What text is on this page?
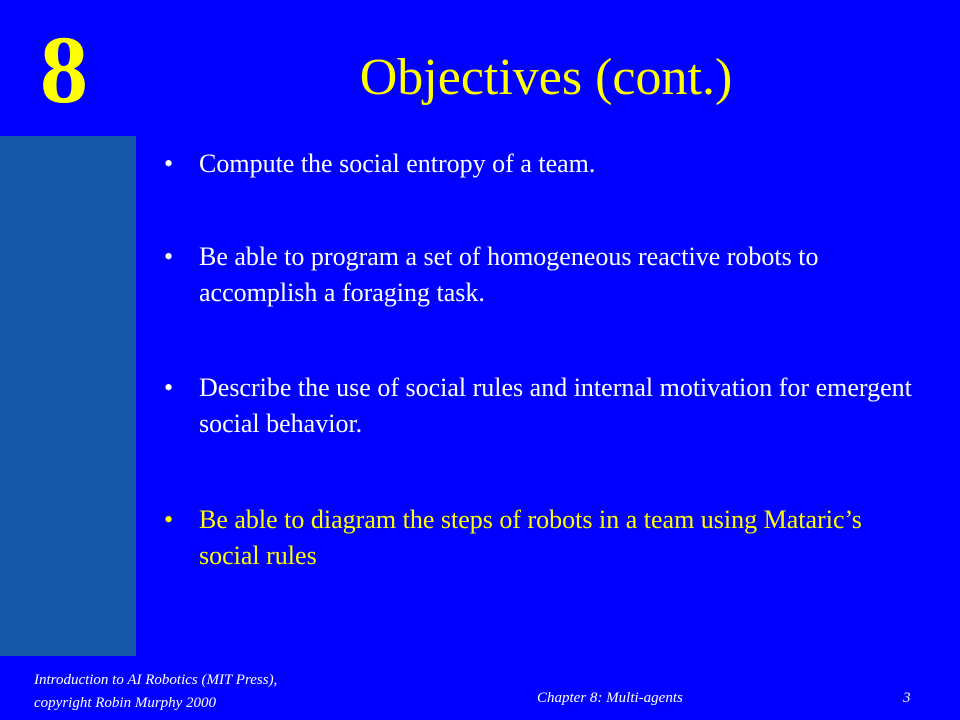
8	Objectives (cont.)
• Compute the social entropy of a team.
• Be able to program a set of homogeneous reactive robots to accomplish a foraging task.
• Describe the use of social rules and internal motivation for emergent social behavior.
• Be able to diagram the steps of robots in a team using Mataric’s social rules
Introduction to AI Robotics (MIT Press),
copyright Robin Murphy 2000	Chapter 8: Multi-agents	3
